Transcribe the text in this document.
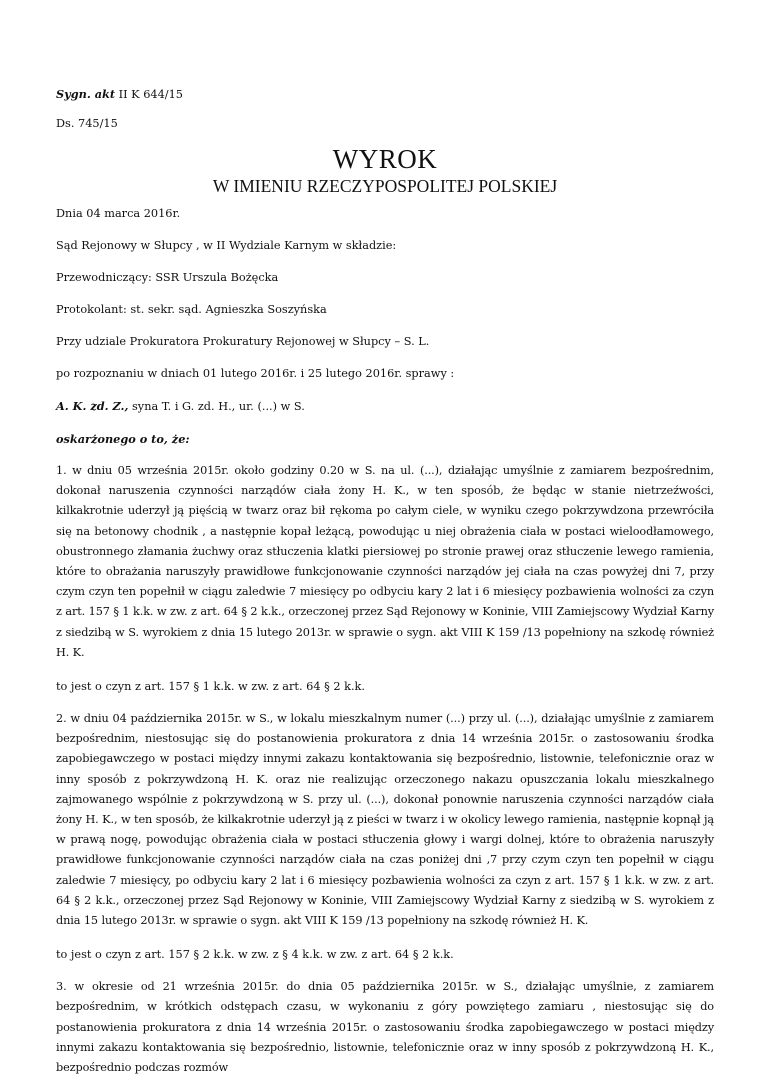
Sygn. akt II K 644/15

Ds. 745/15

WYROK

W IMIENIU RZECZYPOSPOLITEJ POLSKIEJ

Dnia 04 marca 2016r.

Sąd Rejonowy w Słupcy , w II Wydziale Karnym w składzie:

Przewodniczący: SSR Urszula Bożęcka

Protokolant: st. sekr. sąd. Agnieszka Soszyńska

Przy udziale Prokuratora Prokuratury Rejonowej w Słupcy – S. L.

po rozpoznaniu w dniach 01 lutego 2016r. i 25 lutego 2016r. sprawy :

A. K. zd. Z., syna T. i G. zd. H., ur. (...) w S.

oskarżonego o to, że:

1. w dniu 05 września 2015r. około godziny 0.20 w S. na ul. (...), działając umyślnie z zamiarem bezpośrednim, dokonał naruszenia czynności narządów ciała żony H. K., w ten sposób, że będąc w stanie nietrzeźwości, kilkakrotnie uderzył ją pięścią w twarz oraz bił rękoma po całym ciele, w wyniku czego pokrzywdzona przewróciła się na betonowy chodnik , a następnie kopał leżącą, powodując u niej obrażenia ciała w postaci wieloodłamowego, obustronnego złamania żuchwy oraz stłuczenia klatki piersiowej po stronie prawej oraz stłuczenie lewego ramienia, które to obrażania naruszyły prawidłowe funkcjonowanie czynności narządów jej ciała na czas powyżej dni 7, przy czym czyn ten popełnił w ciągu zaledwie 7 miesięcy po odbyciu kary 2 lat i 6 miesięcy pozbawienia wolności za czyn z art. 157 § 1 k.k. w zw. z art. 64 § 2 k.k., orzeczonej przez Sąd Rejonowy w Koninie, VIII Zamiejscowy Wydział Karny z siedzibą w S. wyrokiem z dnia 15 lutego 2013r. w sprawie o sygn. akt VIII K 159 /13 popełniony na szkodę również H. K.

to jest o czyn z art. 157 § 1 k.k. w zw. z art. 64 § 2 k.k.

2. w dniu 04 października 2015r. w S., w lokalu mieszkalnym numer (...) przy ul. (...), działając umyślnie z zamiarem bezpośrednim, niestosując się do postanowienia prokuratora z dnia 14 września 2015r. o zastosowaniu środka zapobiegawczego w postaci między innymi zakazu kontaktowania się bezpośrednio, listownie, telefonicznie oraz w inny sposób z pokrzywdzoną H. K. oraz nie realizując orzeczonego nakazu opuszczania lokalu mieszkalnego zajmowanego wspólnie z pokrzywdzoną w S. przy ul. (...), dokonał ponownie naruszenia czynności narządów ciała żony H. K., w ten sposób, że kilkakrotnie uderzył ją z pieści w twarz i w okolicy lewego ramienia, następnie kopnął ją w prawą nogę, powodując obrażenia ciała w postaci stłuczenia głowy i wargi dolnej, które to obrażenia naruszyły prawidłowe funkcjonowanie czynności narządów ciała na czas poniżej dni ,7 przy czym czyn ten popełnił w ciągu zaledwie 7 miesięcy, po odbyciu kary 2 lat i 6 miesięcy pozbawienia wolności za czyn z art. 157 § 1 k.k. w zw. z art. 64 § 2 k.k., orzeczonej przez Sąd Rejonowy w Koninie, VIII Zamiejscowy Wydział Karny z siedzibą w S. wyrokiem z dnia 15 lutego 2013r. w sprawie o sygn. akt VIII K 159 /13 popełniony na szkodę również H. K.

to jest o czyn z art. 157 § 2 k.k. w zw. z § 4 k.k. w zw. z art. 64 § 2 k.k.

3. w okresie od 21 września 2015r. do dnia 05 października 2015r. w S., działając umyślnie, z zamiarem bezpośrednim, w krótkich odstępach czasu, w wykonaniu z góry powziętego zamiaru , niestosując się do postanowienia prokuratora z dnia 14 września 2015r. o zastosowaniu środka zapobiegawczego w postaci między innymi zakazu kontaktowania się bezpośrednio, listownie, telefonicznie oraz w inny sposób z pokrzywdzoną H. K., bezpośrednio podczas rozmów
